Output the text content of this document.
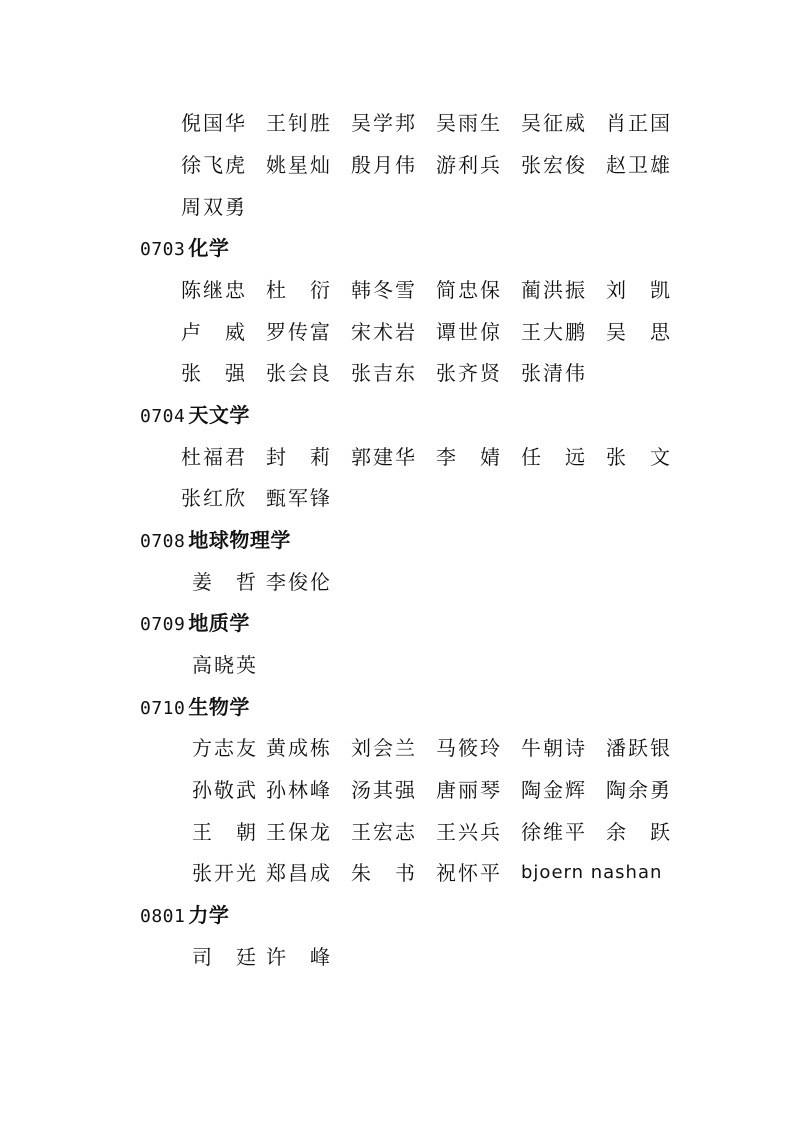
倪国华 王钊胜 吴学邦 吴雨生 吴征威 肖正国
徐飞虎 姚星灿 殷月伟 游利兵 张宏俊 赵卫雄
周双勇
0703 化学
陈继忠 杜　衍 韩冬雪 简忠保 蔺洪振 刘　凯
卢　威 罗传富 宋术岩 谭世倞 王大鹏 吴　思
张　强 张会良 张吉东 张齐贤 张清伟
0704 天文学
杜福君 封　莉 郭建华 李　婧 任　远 张　文
张红欣 甄军锋
0708 地球物理学
姜　哲 李俊伦
0709 地质学
高晓英
0710 生物学
方志友 黄成栋 刘会兰 马筱玲 牛朝诗 潘跃银
孙敬武 孙林峰 汤其强 唐丽琴 陶金辉 陶余勇
王　朝 王保龙 王宏志 王兴兵 徐维平 余　跃
张开光 郑昌成 朱　书 祝怀平 bjoern nashan
0801 力学
司　廷 许　峰
